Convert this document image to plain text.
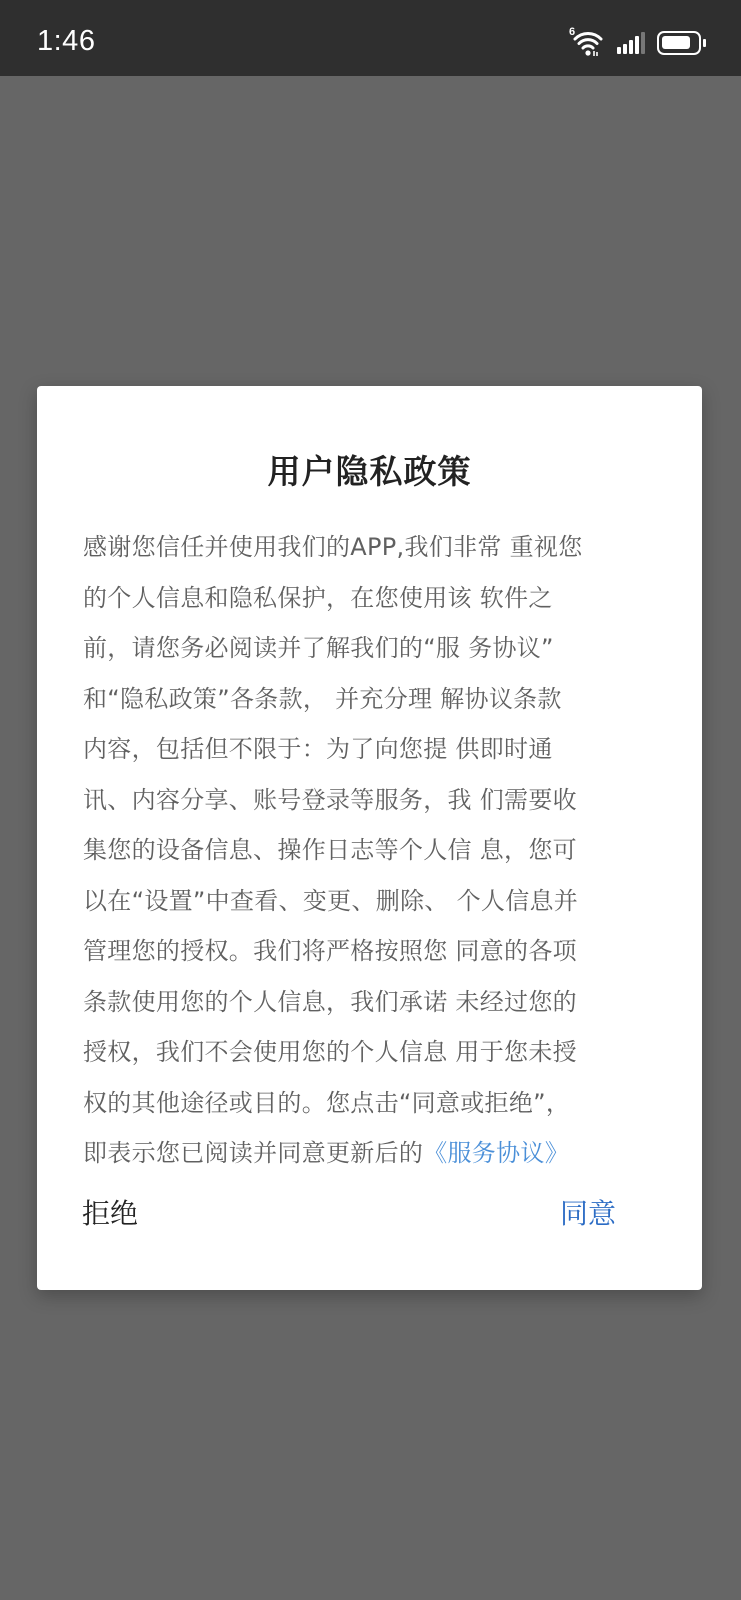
1:46	6
用户隐私政策
感谢您信任并使用我们的APP,我们非常 重视您
的个人信息和隐私保护，在您使用该 软件之
前，请您务必阅读并了解我们的“服 务协议”
和“隐私政策”各条款， 并充分理 解协议条款
内容，包括但不限于：为了向您提 供即时通
讯、内容分享、账号登录等服务，我 们需要收
集您的设备信息、操作日志等个人信 息，您可
以在“设置”中查看、变更、删除、 个人信息并
管理您的授权。我们将严格按照您 同意的各项
条款使用您的个人信息，我们承诺 未经过您的
授权，我们不会使用您的个人信息 用于您未授
权的其他途径或目的。您点击“同意或拒绝”，
即表示您已阅读并同意更新后的《服务协议》
拒绝	同意
